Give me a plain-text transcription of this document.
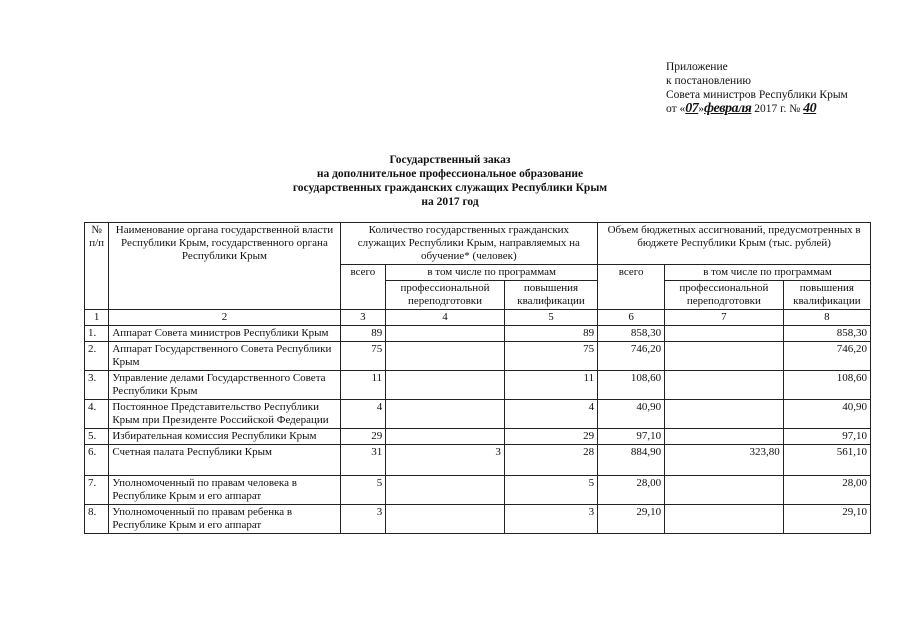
Приложение
к постановлению
Совета министров Республики Крым
от «07»февраля 2017 г. № 40
Государственный заказ
на дополнительное профессиональное образование
государственных гражданских служащих Республики Крым
на 2017 год
№ п/п	Наименование органа государственной власти Республики Крым, государственного органа Республики Крым	Количество государственных гражданских служащих Республики Крым, направляемых на обучение* (человек)			Объем бюджетных ассигнований, предусмотренных в бюджете Республики Крым (тыс. рублей)		
		всего	в том числе по программам		всего	в том числе по программам	
			профессиональной переподготовки	повышения квалификации		профессиональной переподготовки	повышения квалификации
1	2	3	4	5	6	7	8
1.	Аппарат Совета министров Республики Крым	89		89	858,30		858,30
2.	Аппарат Государственного Совета Республики Крым	75		75	746,20		746,20
3.	Управление делами Государственного Совета Республики Крым	11		11	108,60		108,60
4.	Постоянное Представительство Республики Крым при Президенте Российской Федерации	4		4	40,90		40,90
5.	Избирательная комиссия Республики Крым	29		29	97,10		97,10
6.	Счетная палата Республики Крым	31	3	28	884,90	323,80	561,10
7.	Уполномоченный по правам человека в Республике Крым и его аппарат	5		5	28,00		28,00
8.	Уполномоченный по правам ребенка в Республике Крым и его аппарат	3		3	29,10		29,10
